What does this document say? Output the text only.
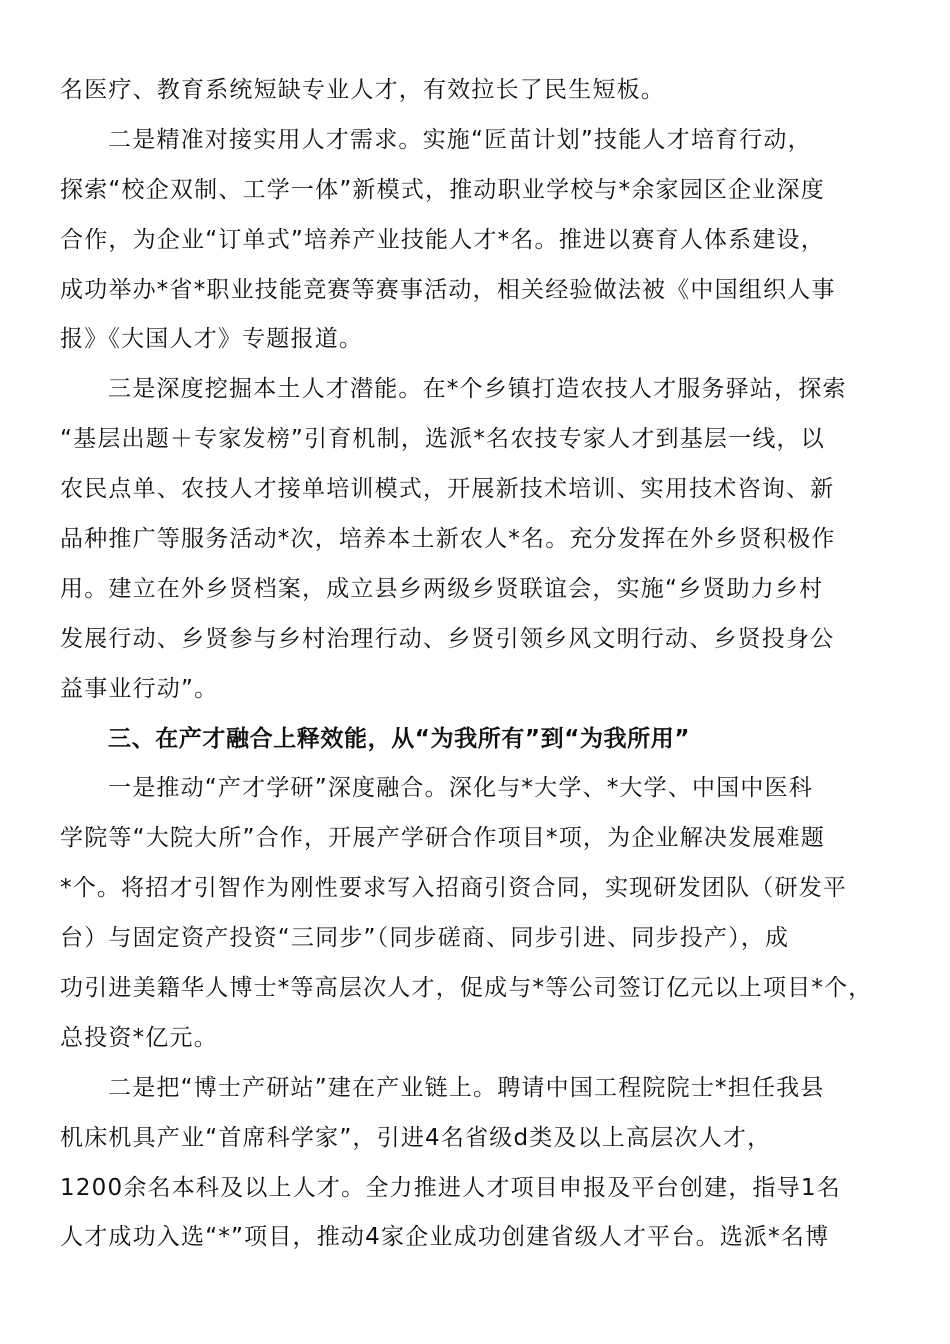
名医疗、教育系统短缺专业人才，有效拉长了民生短板。
二是精准对接实用人才需求。实施“匠苗计划”技能人才培育行动，
探索“校企双制、工学一体”新模式，推动职业学校与*余家园区企业深度
合作，为企业“订单式”培养产业技能人才*名。推进以赛育人体系建设，
成功举办*省*职业技能竞赛等赛事活动，相关经验做法被《中国组织人事
报》《大国人才》专题报道。
三是深度挖掘本土人才潜能。在*个乡镇打造农技人才服务驿站，探索
“基层出题＋专家发榜”引育机制，选派*名农技专家人才到基层一线，以
农民点单、农技人才接单培训模式，开展新技术培训、实用技术咨询、新
品种推广等服务活动*次，培养本土新农人*名。充分发挥在外乡贤积极作
用。建立在外乡贤档案，成立县乡两级乡贤联谊会，实施“乡贤助力乡村
发展行动、乡贤参与乡村治理行动、乡贤引领乡风文明行动、乡贤投身公
益事业行动”。
三、在产才融合上释效能，从“为我所有”到“为我所用”
一是推动“产才学研”深度融合。深化与*大学、*大学、中国中医科
学院等“大院大所”合作，开展产学研合作项目*项，为企业解决发展难题
*个。将招才引智作为刚性要求写入招商引资合同，实现研发团队（研发平
台）与固定资产投资“三同步”（同步磋商、同步引进、同步投产），成
功引进美籍华人博士*等高层次人才，促成与*等公司签订亿元以上项目*个，
总投资*亿元。
二是把“博士产研站”建在产业链上。聘请中国工程院院士*担任我县
机床机具产业“首席科学家”，引进4名省级d类及以上高层次人才，
1200余名本科及以上人才。全力推进人才项目申报及平台创建，指导1名
人才成功入选“*”项目，推动4家企业成功创建省级人才平台。选派*名博
